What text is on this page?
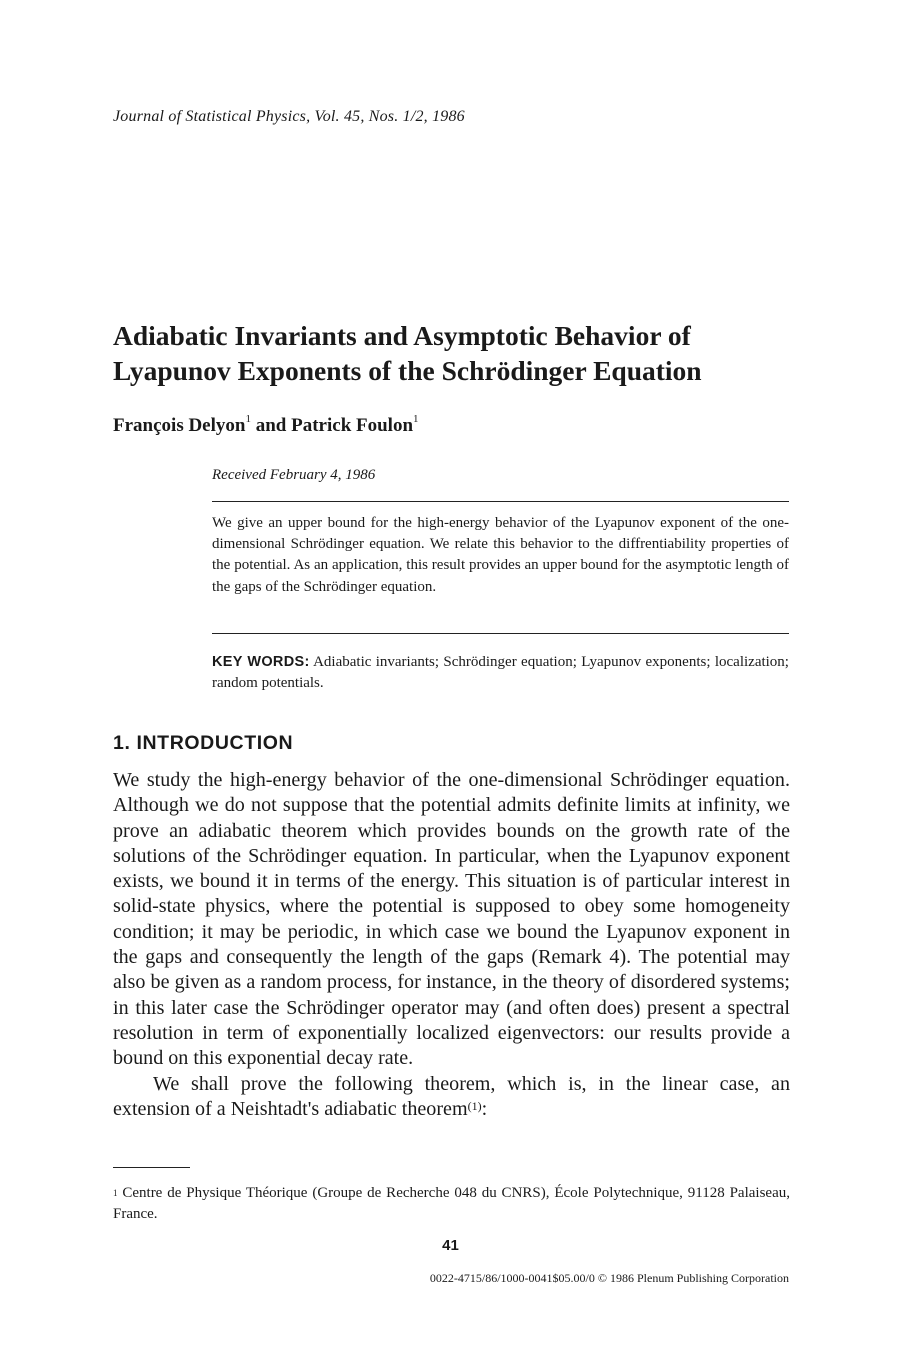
Journal of Statistical Physics, Vol. 45, Nos. 1/2, 1986
Adiabatic Invariants and Asymptotic Behavior of
Lyapunov Exponents of the Schrödinger Equation
François Delyon$^1$ and Patrick Foulon$^1$
Received February 4, 1986
We give an upper bound for the high-energy behavior of the Lyapunov exponent of the one-dimensional Schrödinger equation. We relate this behavior to the diffrentiability properties of the potential. As an application, this result provides an upper bound for the asymptotic length of the gaps of the Schrödinger equation.
KEY WORDS: Adiabatic invariants; Schrödinger equation; Lyapunov exponents; localization; random potentials.
1. INTRODUCTION

We study the high-energy behavior of the one-dimensional Schrödinger equation. Although we do not suppose that the potential admits definite limits at infinity, we prove an adiabatic theorem which provides bounds on the growth rate of the solutions of the Schrödinger equation. In particular, when the Lyapunov exponent exists, we bound it in terms of the energy. This situation is of particular interest in solid-state physics, where the potential is supposed to obey some homogeneity condition; it may be periodic, in which case we bound the Lyapunov exponent in the gaps and consequently the length of the gaps (Remark 4). The potential may also be given as a random process, for instance, in the theory of disordered systems; in this later case the Schrödinger operator may (and often does) present a spectral resolution in term of exponentially localized eigenvectors: our results provide a bound on this exponential decay rate.

We shall prove the following theorem, which is, in the linear case, an extension of a Neishtadt's adiabatic theorem$^{(1)}$:

$^1$ Centre de Physique Théorique (Groupe de Recherche 048 du CNRS), École Polytechnique, 91128 Palaiseau, France.
41
0022-4715/86/1000-0041$05.00/0 © 1986 Plenum Publishing Corporation
